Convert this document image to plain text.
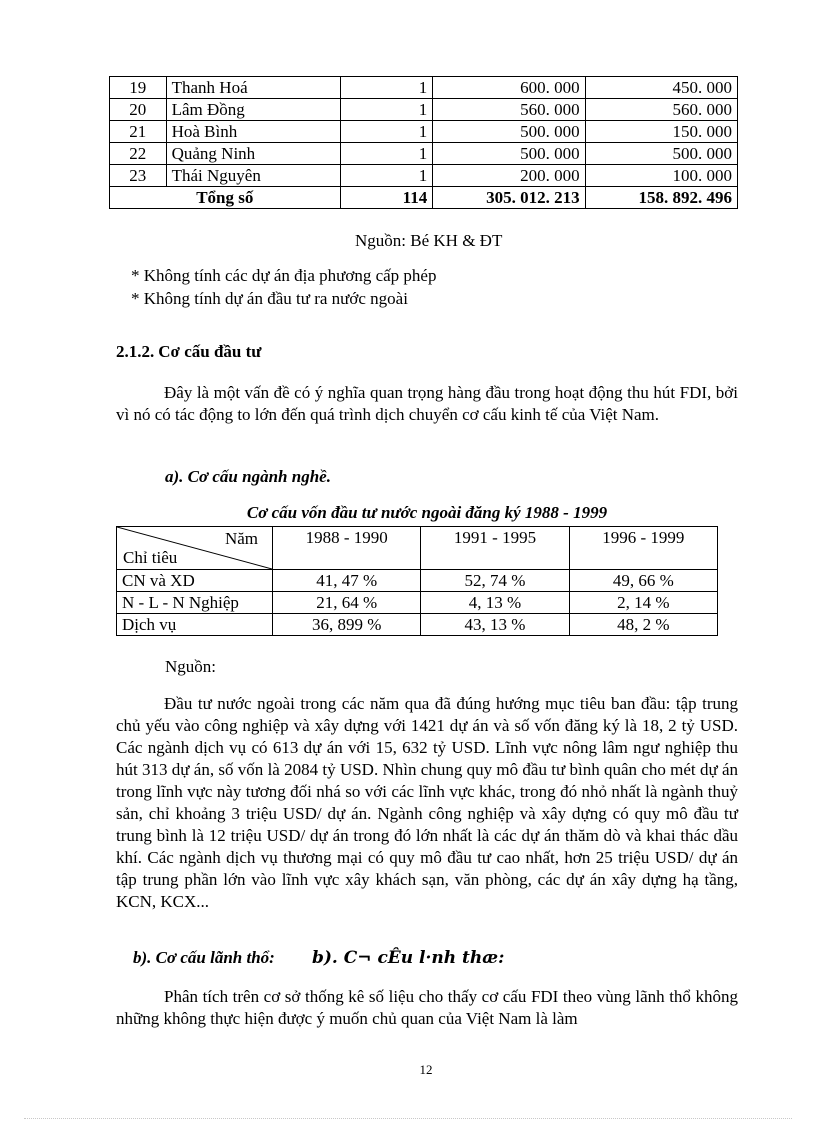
19	Thanh Hoá	1	600. 000	450. 000
20	Lâm Đồng	1	560. 000	560. 000
21	Hoà Bình	1	500. 000	150. 000
22	Quảng Ninh	1	500. 000	500. 000
23	Thái Nguyên	1	200. 000	100. 000
Tổng số		114	305. 012. 213	158. 892. 496
Nguồn: Bé KH & ĐT
* Không tính các dự án địa phương cấp phép
* Không tính dự án đầu tư ra nước ngoài
2.1.2. Cơ cấu đầu tư
Đây là một vấn đề có ý nghĩa quan trọng hàng đầu trong hoạt động thu hút FDI, bởi vì nó có tác động to lớn đến quá trình dịch chuyển cơ cấu kinh tế của Việt Nam.
a). Cơ cấu ngành nghề.
Cơ cấu vốn đầu tư nước ngoài đăng ký 1988 - 1999
Năm
Chỉ tiêu	1988 - 1990	1991 - 1995	1996 - 1999
CN và XD	41, 47 %	52, 74 %	49, 66 %
N - L - N Nghiệp	21, 64 %	4, 13 %	2, 14 %
Dịch vụ	36, 899 %	43, 13 %	48, 2 %
Nguồn:
Đầu tư nước ngoài trong các năm qua đã đúng hướng mục tiêu ban đầu: tập trung chủ yếu vào công nghiệp và xây dựng với 1421 dự án và số vốn đăng ký là 18, 2 tỷ USD. Các ngành dịch vụ có 613 dự án với 15, 632 tỷ USD. Lĩnh vực nông lâm ngư nghiệp thu hút 313 dự án, số vốn là 2084 tỷ USD. Nhìn chung quy mô đầu tư bình quân cho mét dự án trong lĩnh vực này tương đối nhá so với các lĩnh vực khác, trong đó nhỏ nhất là ngành thuỷ sản, chỉ khoảng 3 triệu USD/ dự án. Ngành công nghiệp và xây dựng có quy mô đầu tư trung bình là 12 triệu USD/ dự án trong đó lớn nhất là các dự án thăm dò và khai thác dầu khí. Các ngành dịch vụ thương mại có quy mô đầu tư cao nhất, hơn 25 triệu USD/ dự án tập trung phần lớn vào lĩnh vực xây khách sạn, văn phòng, các dự án xây dựng hạ tầng, KCN, KCX...
b). Cơ cấu lãnh thổ: b). C¬ cÊu l·nh thæ:
Phân tích trên cơ sở thống kê số liệu cho thấy cơ cấu FDI theo vùng lãnh thổ không những không thực hiện được ý muốn chủ quan của Việt Nam là làm
12
